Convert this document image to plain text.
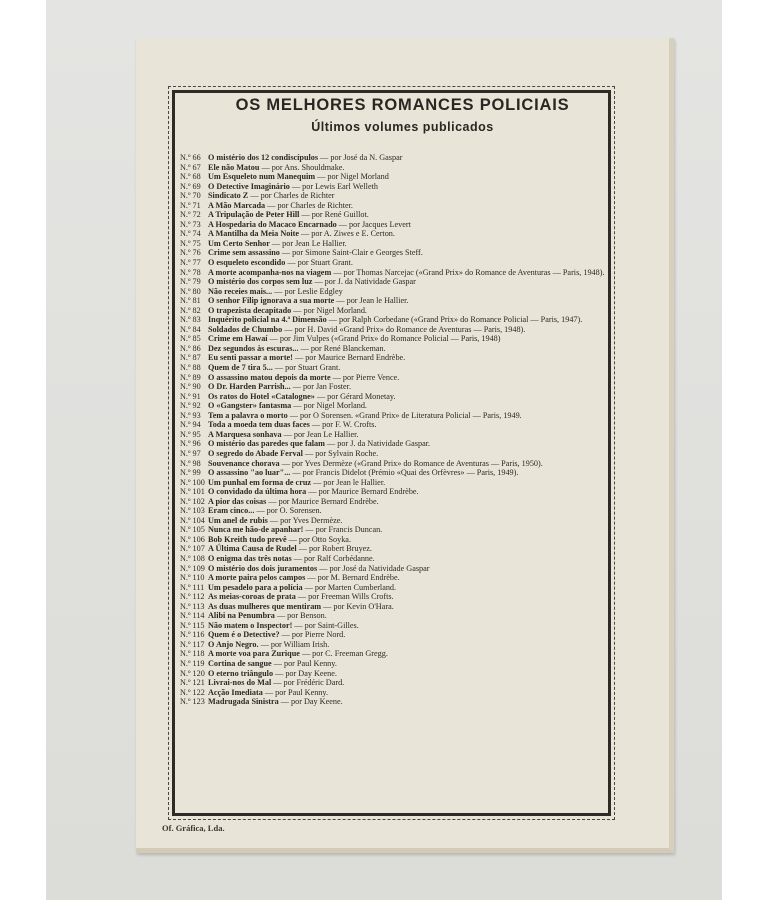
OS MELHORES ROMANCES POLICIAIS
Últimos volumes publicados
N.º 66 O mistério dos 12 condiscípulos — por José da N. Gaspar
N.º 67 Ele não Matou — por Ans. Shouldmake.
N.º 68 Um Esqueleto num Manequim — por Nigel Morland
N.º 69 O Detective Imaginário — por Lewis Earl Welleth
N.º 70 Sindicato Z — por Charles de Richter
N.º 71 A Mão Marcada — por Charles de Richter.
N.º 72 A Tripulação de Peter Hill — por René Guillot.
N.º 73 A Hospedaria do Macaco Encarnado — por Jacques Levert
N.º 74 A Mantilha da Meia Noite — por A. Ziwes e E. Certon.
N.º 75 Um Certo Senhor — por Jean Le Hallier.
N.º 76 Crime sem assassino — por Simone Saint-Clair e Georges Steff.
N.º 77 O esqueleto escondido — por Stuart Grant.
N.º 78 A morte acompanha-nos na viagem — por Thomas Narcejac («Grand Prix» do Romance de Aventuras — Paris, 1948).
N.º 79 O mistério dos corpos sem luz — por J. da Natividade Gaspar
N.º 80 Não receies mais... — por Leslie Edgley
N.º 81 O senhor Filip ignorava a sua morte — por Jean le Hallier.
N.º 82 O trapezista decapitado — por Nigel Morland.
N.º 83 Inquérito policial na 4.ª Dimensão — por Ralph Corbedane («Grand Prix» do Romance Policial — Paris, 1947).
N.º 84 Soldados de Chumbo — por H. David «Grand Prix» do Romance de Aventuras — Paris, 1948).
N.º 85 Crime em Hawaí — por Jim Vulpes («Grand Prix» do Romance Policial — Paris, 1948)
N.º 86 Dez segundos às escuras... — por René Blanckeman.
N.º 87 Eu senti passar a morte! — por Maurice Bernard Endrèbe.
N.º 88 Quem de 7 tira 5... — por Stuart Grant.
N.º 89 O assassino matou depois da morte — por Pierre Vence.
N.º 90 O Dr. Harden Parrish... — por Jan Foster.
N.º 91 Os ratos do Hotel «Catalogne» — por Gérard Monetay.
N.º 92 O «Gangster» fantasma — por Nigel Morland.
N.º 93 Tem a palavra o morto — por O Sorensen. «Grand Prix» de Literatura Policial — Paris, 1949.
N.º 94 Toda a moeda tem duas faces — por F. W. Crofts.
N.º 95 A Marquesa sonhava — por Jean Le Hallier.
N.º 96 O mistério das paredes que falam — por J. da Natividade Gaspar.
N.º 97 O segredo do Abade Ferval — por Sylvain Roche.
N.º 98 Souvenance chorava — por Yves Dermèze («Grand Prix» do Romance de Aventuras — Paris, 1950).
N.º 99 O assassino "ao luar"... — por Francis Didelot (Prémio «Quai des Orfèvres» — Paris, 1949).
N.º 100 Um punhal em forma de cruz — por Jean le Hallier.
N.º 101 O convidado da última hora — por Maurice Bernard Endrèbe.
N.º 102 A pior das coisas — por Maurice Bernard Endrèbe.
N.º 103 Eram cinco... — por O. Sorensen.
N.º 104 Um anel de rubis — por Yves Dermèze.
N.º 105 Nunca me hão-de apanhar! — por Francis Duncan.
N.º 106 Bob Kreith tudo prevê — por Otto Soyka.
N.º 107 A Última Causa de Rudel — por Robert Bruyez.
N.º 108 O enigma das três notas — por Ralf Corbédanne.
N.º 109 O mistério dos dois juramentos — por José da Natividade Gaspar
N.º 110 A morte paira pelos campos — por M. Bernard Endrèbe.
N.º 111 Um pesadelo para a polícia — por Marten Cumberland.
N.º 112 As meias-coroas de prata — por Freeman Wills Crofts.
N.º 113 As duas mulheres que mentiram — por Kevin O'Hara.
N.º 114 Alibi na Penumbra — por Benson.
N.º 115 Não matem o Inspector! — por Saint-Gilles.
N.º 116 Quem é o Detective? — por Pierre Nord.
N.º 117 O Anjo Negro. — por William Irish.
N.º 118 A morte voa para Zurique — por C. Freeman Gregg.
N.º 119 Cortina de sangue — por Paul Kenny.
N.º 120 O eterno triângulo — por Day Keene.
N.º 121 Livrai-nos do Mal — por Frédéric Dard.
N.º 122 Acção Imediata — por Paul Kenny.
N.º 123 Madrugada Sinistra — por Day Keene.
Of. Gráfica, Lda.
